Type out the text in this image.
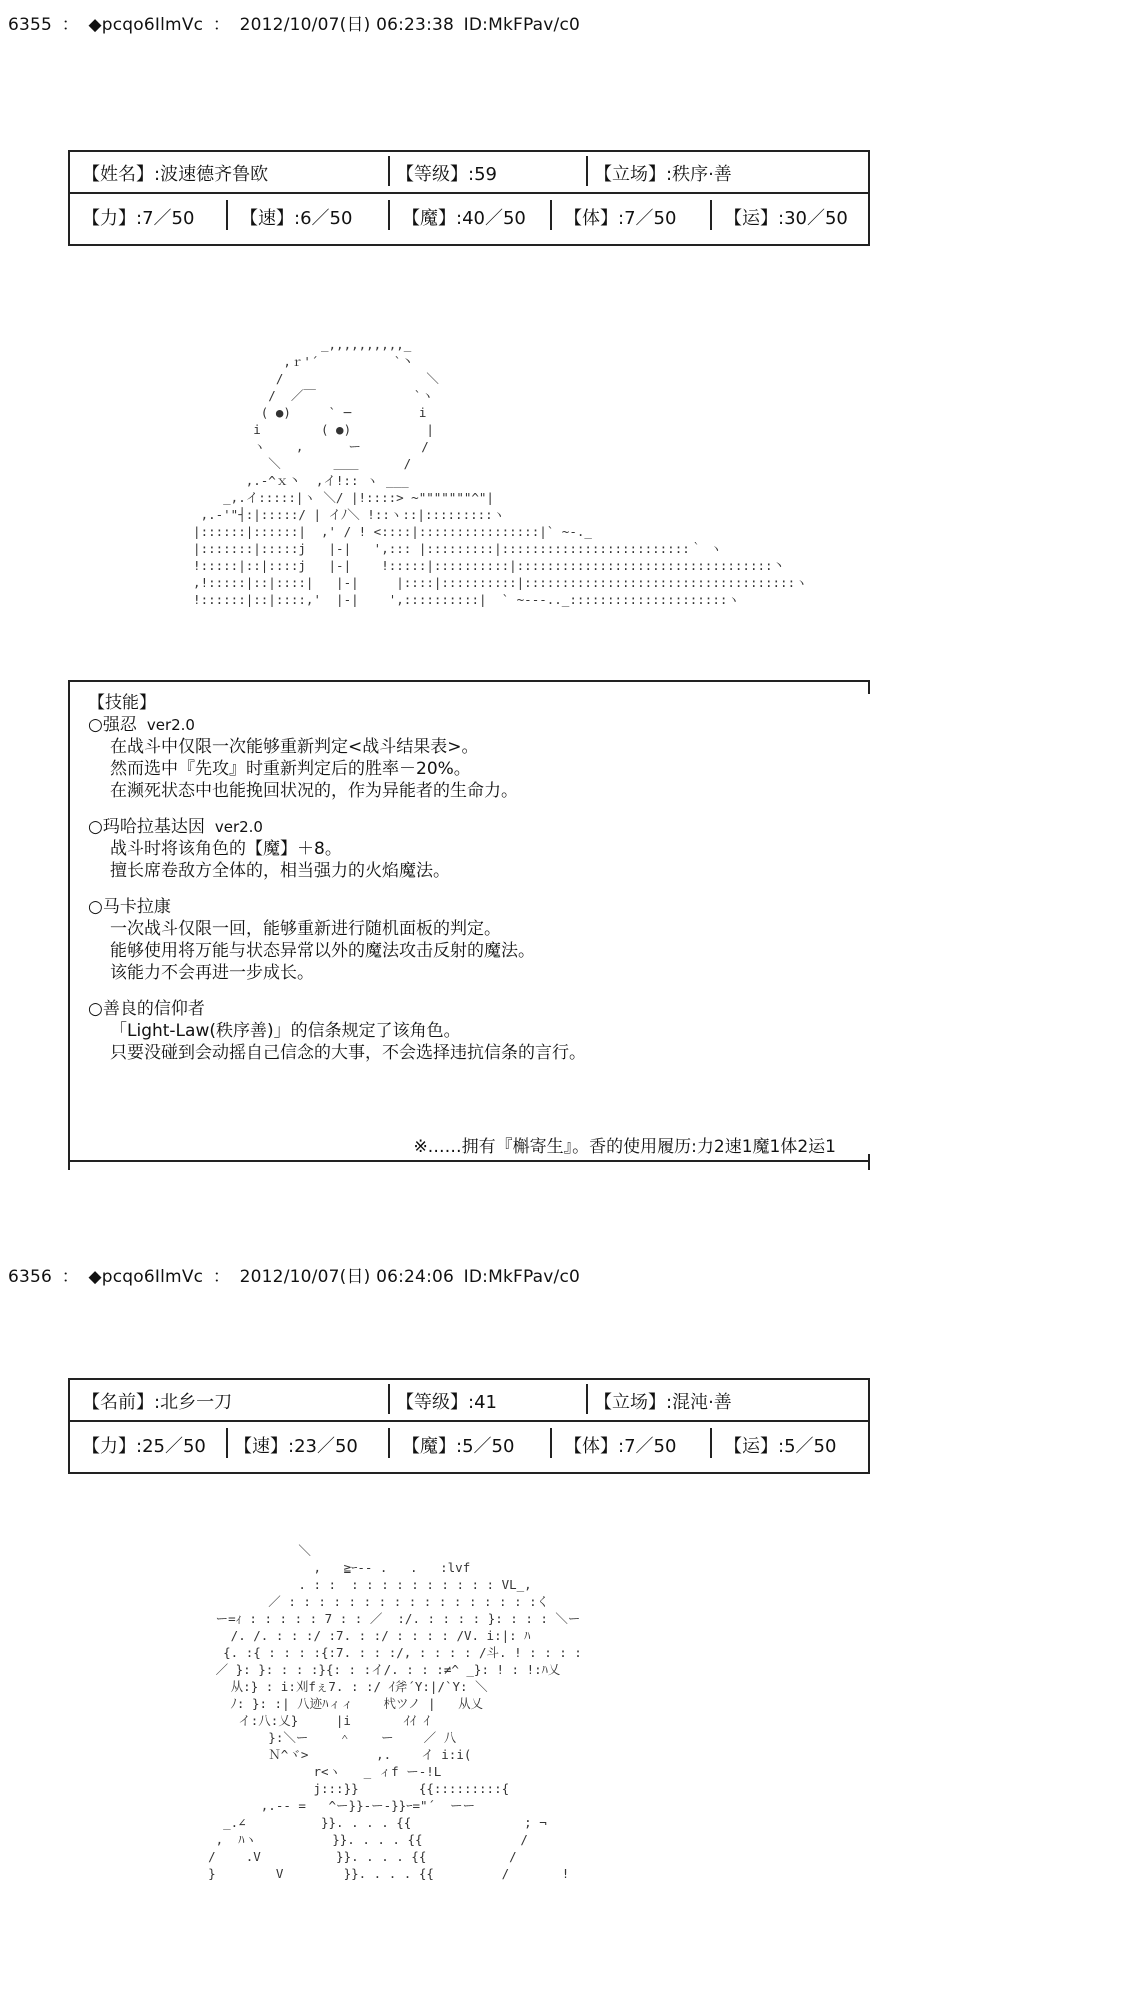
6355 ： ◆pcqo6IlmVc ： 2012/10/07(日) 06:23:38 ID:MkFPav/c0
【姓名】:波速德齐鲁欧	【等级】:59	【立场】:秩序·善
【力】:7／50	【速】:6／50	【魔】:40／50 【体】:7／50	【运】:30／50
_,,,,,,,,,,_
,ｒ'´          `丶
/                   ＼
/  ／￣             `ヽ
( ●)     ` ─         i
i        ( ●)          |
ヽ    ,      ー        /
＼       ＿＿      /
,.-^ｘ丶  ,イ!:: ヽ ___
_,.イ:::::|ヽ ＼/ |!::::> ~"""""""^"|
,.-'"┤:|:::::/ | イﾉ＼ !::ヽ::|:::::::::ヽ
|::::::|::::::|  ,' / ! <::::|::::::::::::::::|` ~-._
|:::::::|:::::j   |-|   ',::: |:::::::::|:::::::::::::::::::::::::｀ ヽ
!:::::|::|::::j   |-|    !:::::|::::::::::|::::::::::::::::::::::::::::::::::丶
,!:::::|::|::::|   |-|     |::::|::::::::::|::::::::::::::::::::::::::::::::::::ヽ
!::::::|::|::::,'  |-|    ',::::::::::|  ` ~---.._:::::::::::::::::::::ヽ
【技能】
○强忍 ver2.0
在战斗中仅限一次能够重新判定<战斗结果表>。
然而选中『先攻』时重新判定后的胜率－20%。
在濒死状态中也能挽回状况的，作为异能者的生命力。
○玛哈拉基达因 ver2.0
战斗时将该角色的【魔】＋8。
擅长席卷敌方全体的，相当强力的火焰魔法。
○马卡拉康
一次战斗仅限一回，能够重新进行随机面板的判定。
能够使用将万能与状态异常以外的魔法攻击反射的魔法。
该能力不会再进一步成长。
○善良的信仰者
「Light-Law(秩序善)」的信条规定了该角色。
只要没碰到会动摇自己信念的大事，不会选择违抗信条的言行。
※……拥有『槲寄生』。香的使用履历:力2速1魔1体2运1
6356 ： ◆pcqo6IlmVc ： 2012/10/07(日) 06:24:06 ID:MkFPav/c0
【名前】:北乡一刀	【等级】:41	【立场】:混沌·善
【力】:25／50 【速】:23／50 【魔】:5／50	【体】:7／50	【运】:5／50
＼
,   ≧ｰ-- .   .   :lvf
. : :  : : : : : : : : : : VL_,
／ : : : : : : : : : : : : : : : : :く
ー=ｨ : : : : : 7 : : ／  :/. : : : : }: : : : ＼ー
/. /. : : :/ :7. : :/ : : : : /V. i:|: ﾊ
{. :{ : : : :{:7. : : :/, : : : : /斗. ! : : : :
／ }: }: : : :}{: : :イ/. : : :≠^ _}: ! : !:ﾊ乂
从:} : i:刈fぇ7. : :/ ｲ斧´Y:|/`Y: ＼
ﾉ: }: :| 八迹ﾊィィ    杙ツノ |   从乂
イ:八:乂}     |i       ｲｲ ｲ
}:＼ー    ＾    ー    ／ 八
Ｎ^ヾ>         ,.    イ i:i(
r<ヽ   _ ィf ー-!L
j:::}}        {{:::::::::{
,.-- =   ^ー}}-ー-}}ｰ="´  ーー
_.∠          }}. . . . {{               ; ¬
,  ﾊヽ          }}. . . . {{             /
/    .V          }}. . . . {{           /
}        V        }}. . . . {{         /       !
